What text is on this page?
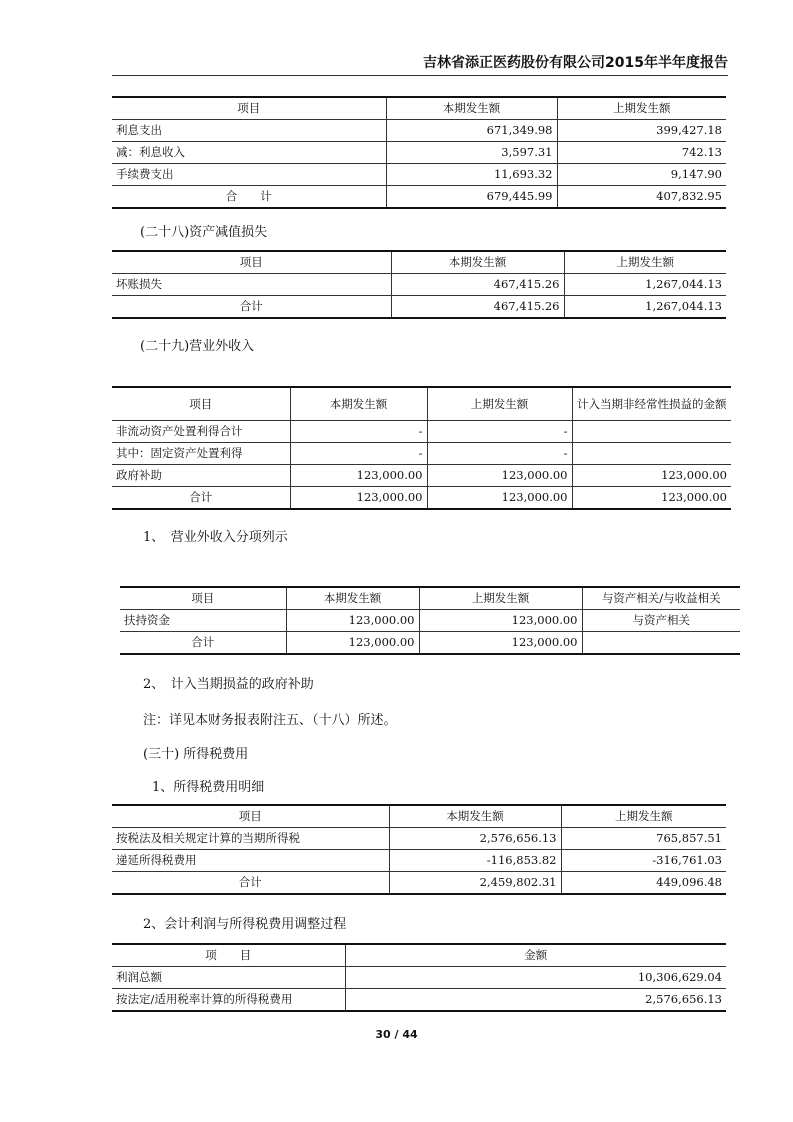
吉林省添正医药股份有限公司2015年半年度报告
项目	本期发生额	上期发生额
利息支出	671,349.98	399,427.18
减：利息收入	3,597.31	742.13
手续费支出	11,693.32	9,147.90
合　　计	679,445.99	407,832.95
(二十八)资产减值损失
项目	本期发生额	上期发生额
坏账损失	467,415.26	1,267,044.13
合计	467,415.26	1,267,044.13
(二十九)营业外收入
项目	本期发生额	上期发生额	计入当期非经常性损益的金额
非流动资产处置利得合计	-	-	
其中：固定资产处置利得	-	-	
政府补助	123,000.00	123,000.00	123,000.00
合计	123,000.00	123,000.00	123,000.00
1、　营业外收入分项列示
项目	本期发生额	上期发生额	与资产相关/与收益相关
扶持资金	123,000.00	123,000.00	与资产相关
合计	123,000.00	123,000.00	
2、　计入当期损益的政府补助
注：详见本财务报表附注五、（十八）所述。
(三十) 所得税费用
1、所得税费用明细
项目	本期发生额	上期发生额
按税法及相关规定计算的当期所得税	2,576,656.13	765,857.51
递延所得税费用	-116,853.82	-316,761.03
合计	2,459,802.31	449,096.48
2、会计利润与所得税费用调整过程
项　　目	金额
利润总额	10,306,629.04
按法定/适用税率计算的所得税费用	2,576,656.13
30 / 44
